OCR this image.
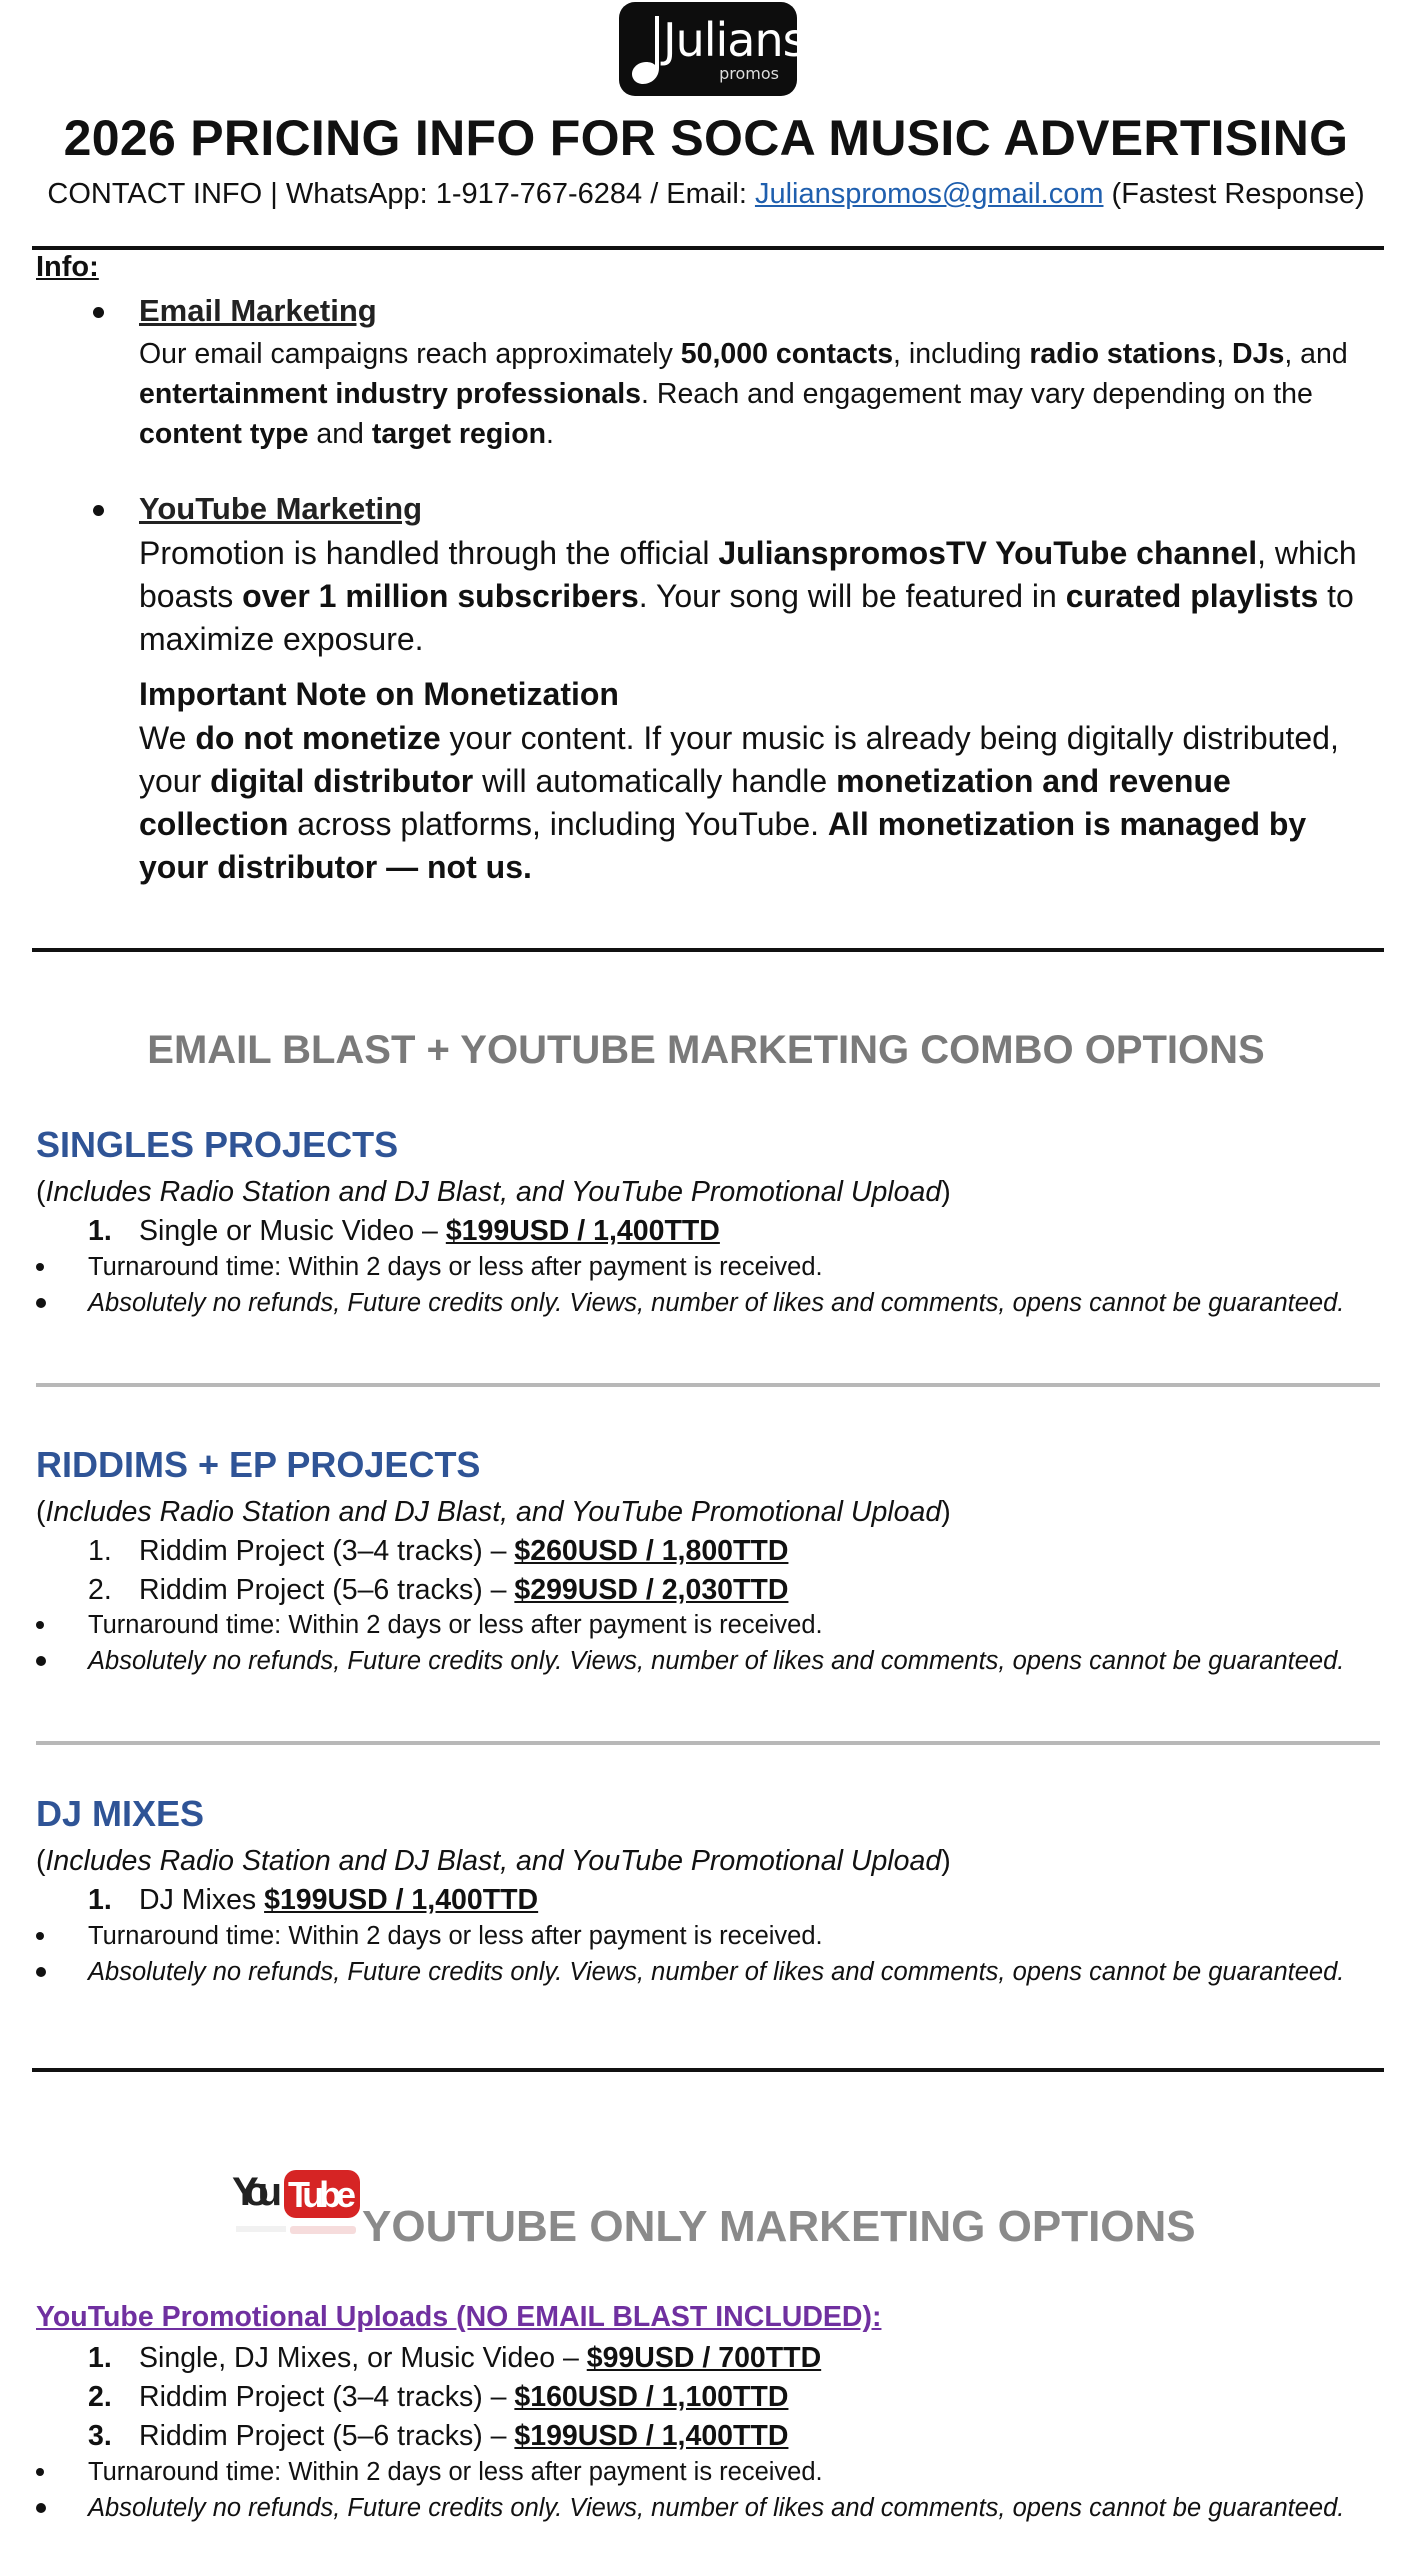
Julians
promos
2026 PRICING INFO FOR SOCA MUSIC ADVERTISING
CONTACT INFO | WhatsApp: 1-917-767-6284 / Email: Julianspromos@gmail.com (Fastest Response)
Info:
Email Marketing
Our email campaigns reach approximately 50,000 contacts, including radio stations, DJs, and entertainment industry professionals. Reach and engagement may vary depending on the content type and target region.
YouTube Marketing
Promotion is handled through the official JulianspromosTV YouTube channel, which boasts over 1 million subscribers. Your song will be featured in curated playlists to maximize exposure.
Important Note on Monetization
We do not monetize your content. If your music is already being digitally distributed, your digital distributor will automatically handle monetization and revenue collection across platforms, including YouTube. All monetization is managed by your distributor — not us.
EMAIL BLAST + YOUTUBE MARKETING COMBO OPTIONS
SINGLES PROJECTS
(Includes Radio Station and DJ Blast, and YouTube Promotional Upload)
1. Single or Music Video – $199USD / 1,400TTD
Turnaround time: Within 2 days or less after payment is received.
Absolutely no refunds, Future credits only. Views, number of likes and comments, opens cannot be guaranteed.
RIDDIMS + EP PROJECTS
(Includes Radio Station and DJ Blast, and YouTube Promotional Upload)
1. Riddim Project (3–4 tracks) – $260USD / 1,800TTD
2. Riddim Project (5–6 tracks) – $299USD / 2,030TTD
Turnaround time: Within 2 days or less after payment is received.
Absolutely no refunds, Future credits only. Views, number of likes and comments, opens cannot be guaranteed.
DJ MIXES
(Includes Radio Station and DJ Blast, and YouTube Promotional Upload)
1. DJ Mixes $199USD / 1,400TTD
Turnaround time: Within 2 days or less after payment is received.
Absolutely no refunds, Future credits only. Views, number of likes and comments, opens cannot be guaranteed.
You Tube
YOUTUBE ONLY MARKETING OPTIONS
YouTube Promotional Uploads (NO EMAIL BLAST INCLUDED):
1. Single, DJ Mixes, or Music Video – $99USD / 700TTD
2. Riddim Project (3–4 tracks) – $160USD / 1,100TTD
3. Riddim Project (5–6 tracks) – $199USD / 1,400TTD
Turnaround time: Within 2 days or less after payment is received.
Absolutely no refunds, Future credits only. Views, number of likes and comments, opens cannot be guaranteed.
